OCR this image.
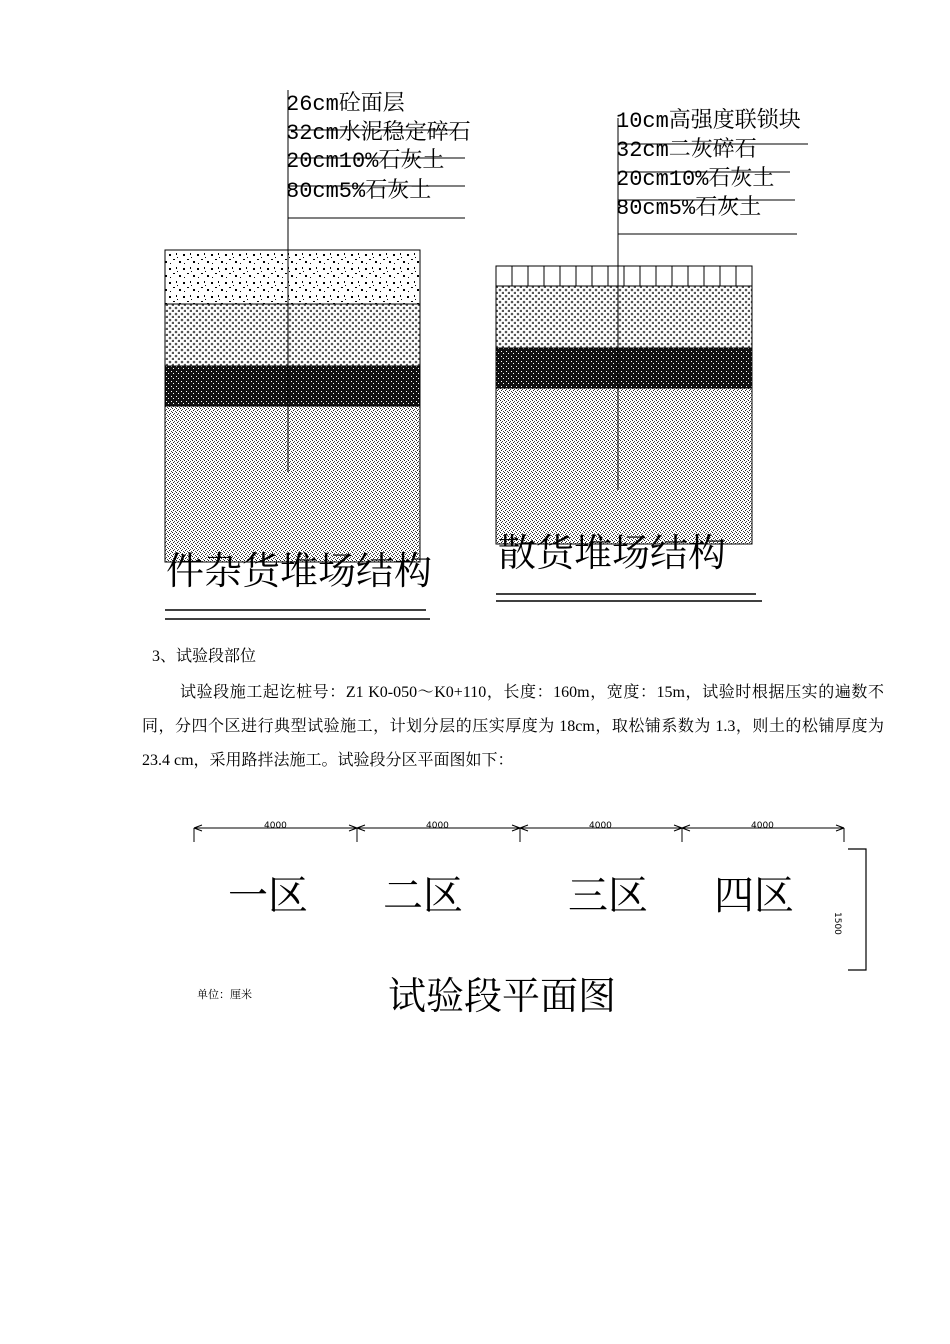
26cm砼面层
32cm水泥稳定碎石
20cm10%石灰土
80cm5%石灰土
件杂货堆场结构
10cm高强度联锁块
32cm二灰碎石
20cm10%石灰土
80cm5%石灰土
散货堆场结构
3、试验段部位
试验段施工起讫桩号：Z1 K0-050～K0+110，长度：160m，宽度：15m，试验时根据压实的遍数不同，分四个区进行典型试验施工，计划分层的压实厚度为 18cm，取松铺系数为 1.3，则土的松铺厚度为 23.4 cm，采用路拌法施工。试验段分区平面图如下：
4000	4000	4000	4000
一区 二区	三区 四区
1500
单位：厘米	试验段平面图
